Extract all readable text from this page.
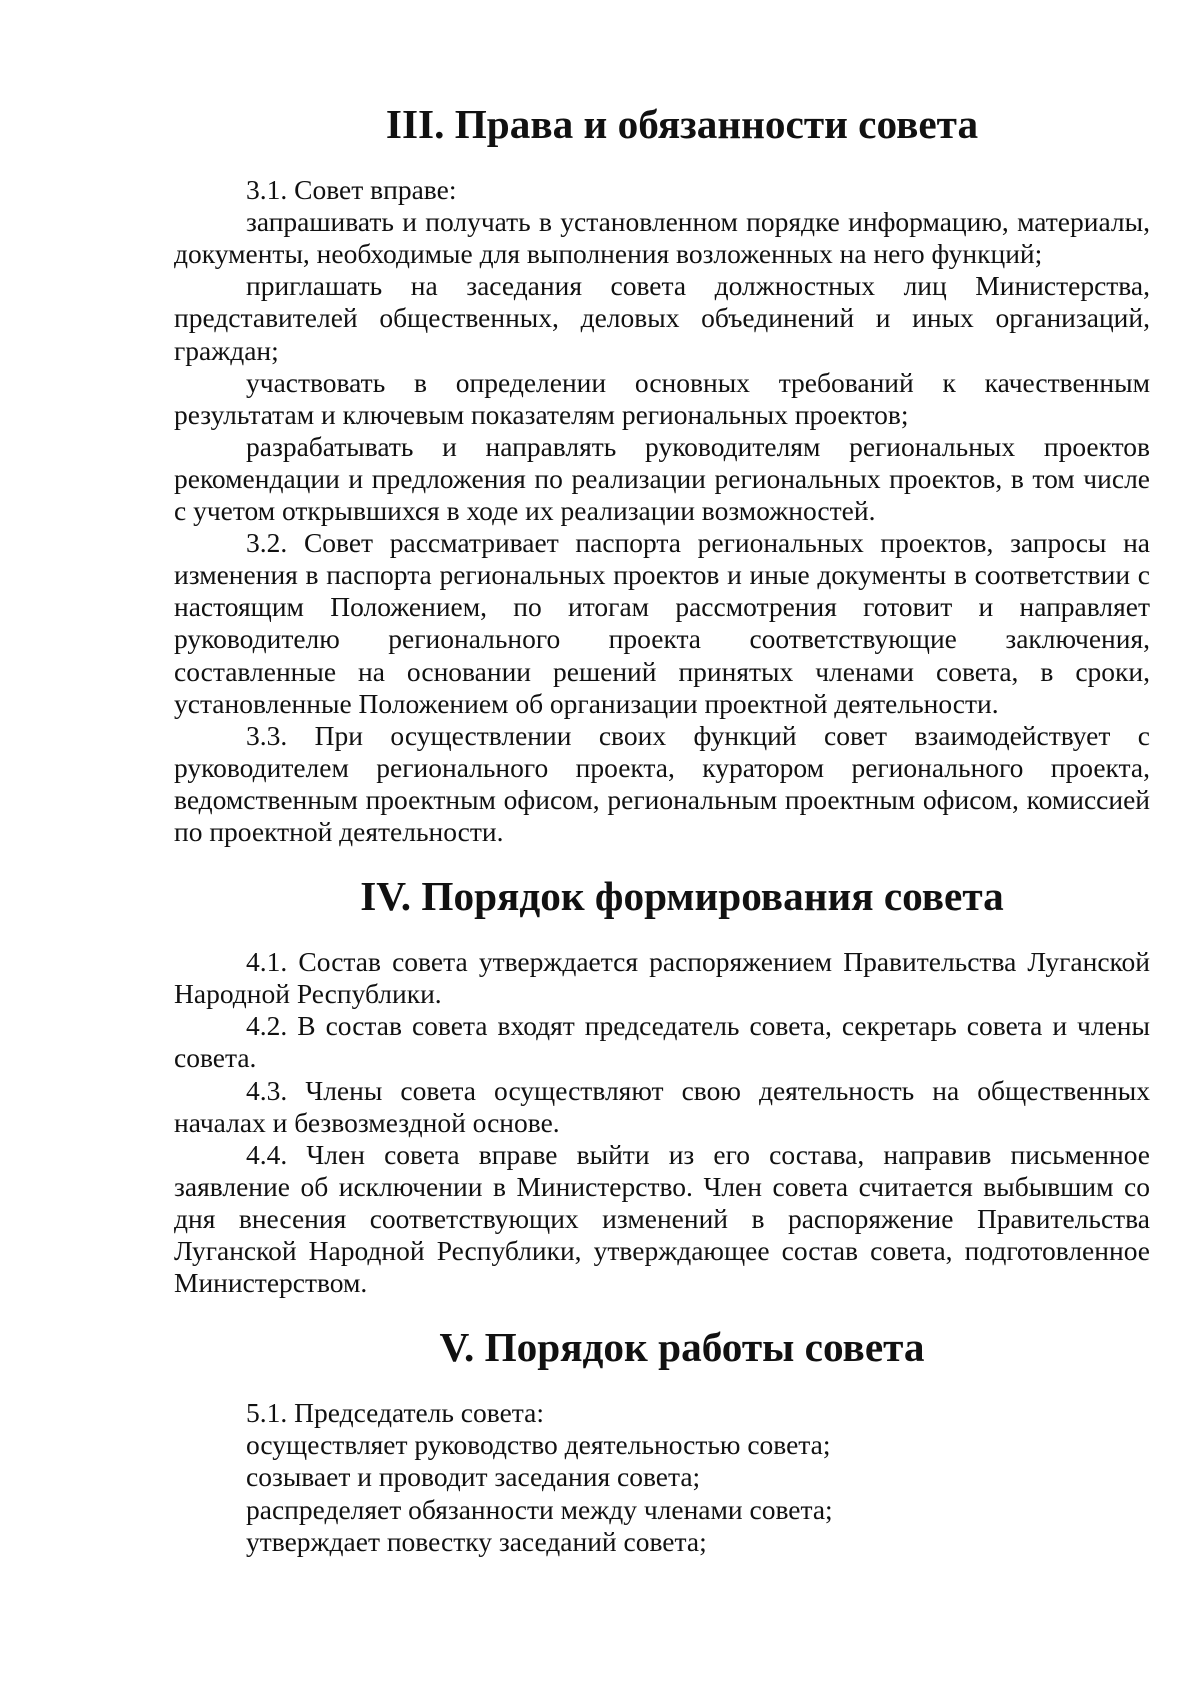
III. Права и обязанности совета

3.1. Совет вправе:

запрашивать и получать в установленном порядке информацию, материалы, документы, необходимые для выполнения возложенных на него функций;

приглашать на заседания совета должностных лиц Министерства, представителей общественных, деловых объединений и иных организаций, граждан;

участвовать в определении основных требований к качественным результатам и ключевым показателям региональных проектов;

разрабатывать и направлять руководителям региональных проектов рекомендации и предложения по реализации региональных проектов, в том числе с учетом открывшихся в ходе их реализации возможностей.

3.2. Совет рассматривает паспорта региональных проектов, запросы на изменения в паспорта региональных проектов и иные документы в соответствии с настоящим Положением, по итогам рассмотрения готовит и направляет руководителю регионального проекта соответствующие заключения, составленные на основании решений принятых членами совета, в сроки, установленные Положением об организации проектной деятельности.

3.3. При осуществлении своих функций совет взаимодействует с руководителем регионального проекта, куратором регионального проекта, ведомственным проектным офисом, региональным проектным офисом, комиссией по проектной деятельности.

IV. Порядок формирования совета

4.1. Состав совета утверждается распоряжением Правительства Луганской Народной Республики.

4.2. В состав совета входят председатель совета, секретарь совета и члены совета.

4.3. Члены совета осуществляют свою деятельность на общественных началах и безвозмездной основе.

4.4. Член совета вправе выйти из его состава, направив письменное заявление об исключении в Министерство. Член совета считается выбывшим со дня внесения соответствующих изменений в распоряжение Правительства Луганской Народной Республики, утверждающее состав совета, подготовленное Министерством.

V. Порядок работы совета

5.1. Председатель совета:

осуществляет руководство деятельностью совета;

созывает и проводит заседания совета;

распределяет обязанности между членами совета;

утверждает повестку заседаний совета;
